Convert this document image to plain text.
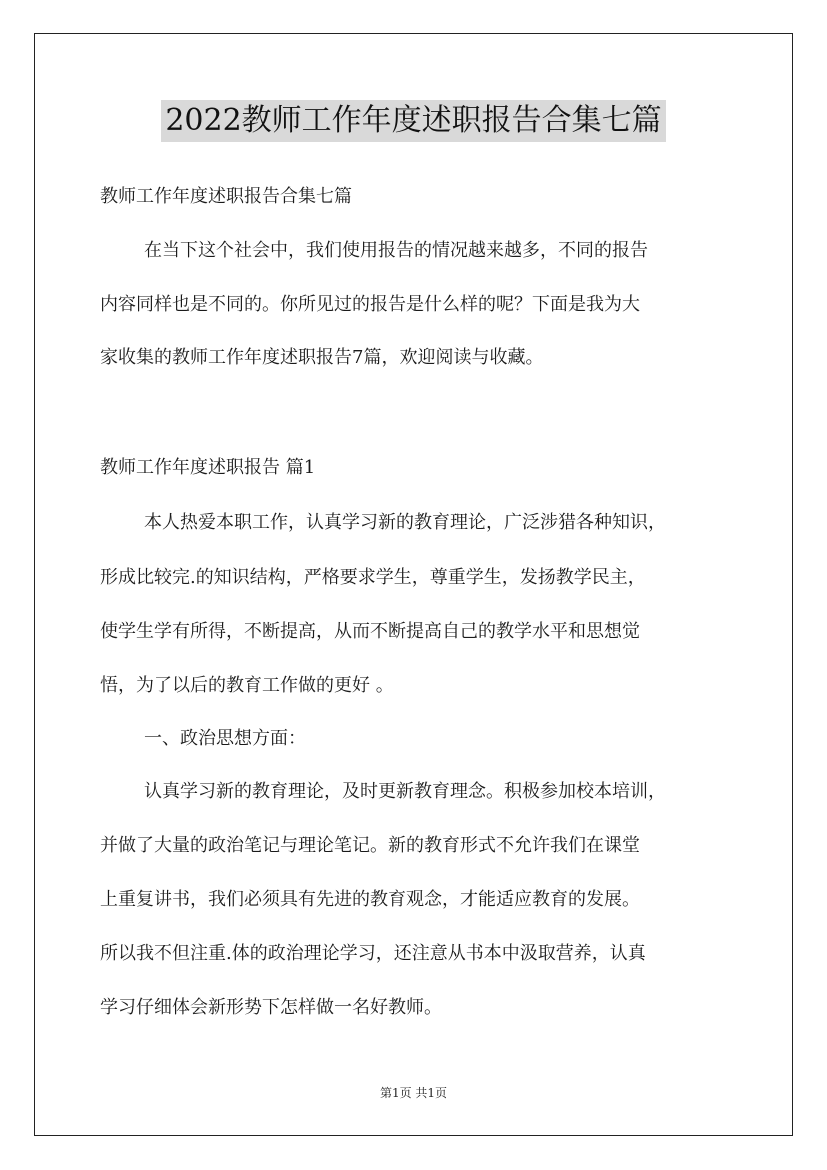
2022教师工作年度述职报告合集七篇
教师工作年度述职报告合集七篇
在当下这个社会中，我们使用报告的情况越来越多，不同的报告
内容同样也是不同的。你所见过的报告是什么样的呢？下面是我为大
家收集的教师工作年度述职报告7篇，欢迎阅读与收藏。
教师工作年度述职报告 篇1
本人热爱本职工作，认真学习新的教育理论，广泛涉猎各种知识，
形成比较完.的知识结构，严格要求学生，尊重学生，发扬教学民主，
使学生学有所得，不断提高，从而不断提高自己的教学水平和思想觉
悟，为了以后的教育工作做的更好 。
一、政治思想方面：
认真学习新的教育理论，及时更新教育理念。积极参加校本培训，
并做了大量的政治笔记与理论笔记。新的教育形式不允许我们在课堂
上重复讲书，我们必须具有先进的教育观念，才能适应教育的发展。
所以我不但注重.体的政治理论学习，还注意从书本中汲取营养，认真
学习仔细体会新形势下怎样做一名好教师。
第1页 共1页
